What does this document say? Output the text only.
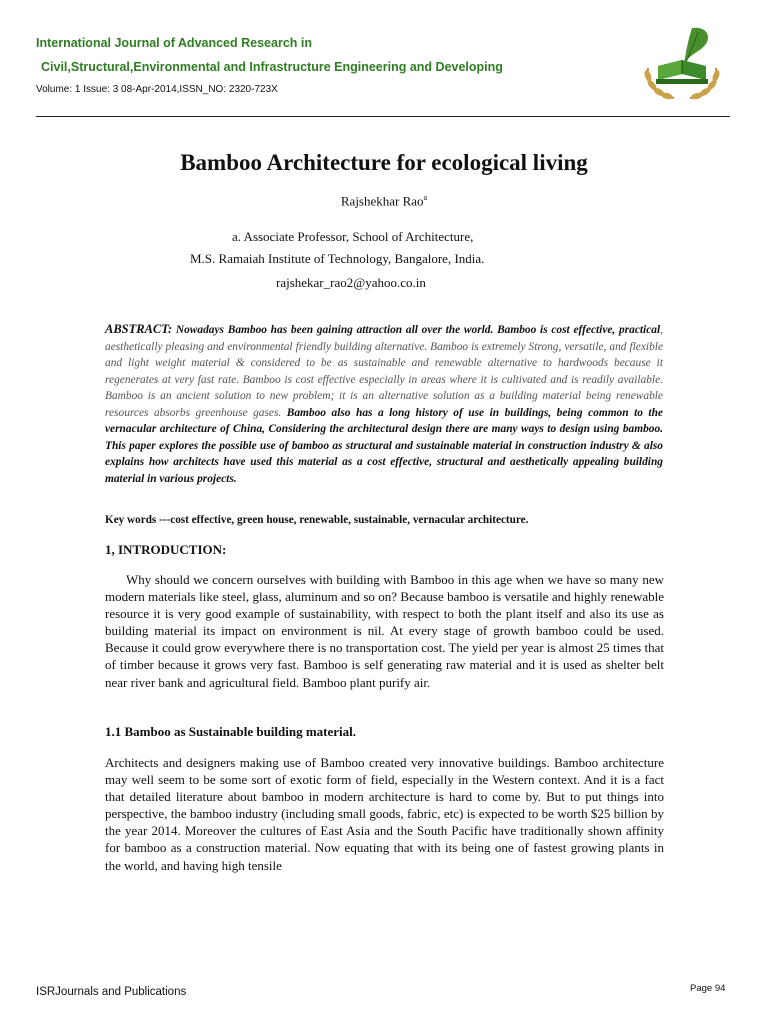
International Journal of Advanced Research in
Civil,Structural,Environmental and Infrastructure Engineering and Developing
Volume: 1 Issue: 3 08-Apr-2014,ISSN_NO: 2320-723X
Bamboo Architecture for ecological living
Rajshekhar Rao$^a$
a. Associate Professor, School of Architecture,
M.S. Ramaiah Institute of Technology, Bangalore, India.
rajshekar_rao2@yahoo.co.in
ABSTRACT: Nowadays Bamboo has been gaining attraction all over the world. Bamboo is cost effective, practical, aesthetically pleasing and environmental friendly building alternative. Bamboo is extremely Strong, versatile, and flexible and light weight material & considered to be as sustainable and renewable alternative to hardwoods because it regenerates at very fast rate. Bamboo is cost effective especially in areas where it is cultivated and is readily available. Bamboo is an ancient solution to new problem; it is an alternative solution as a building material being renewable resources absorbs greenhouse gases. Bamboo also has a long history of use in buildings, being common to the vernacular architecture of China, Considering the architectural design there are many ways to design using bamboo. This paper explores the possible use of bamboo as structural and sustainable material in construction industry & also explains how architects have used this material as a cost effective, structural and aesthetically appealing building material in various projects.
Key words ---cost effective, green house, renewable, sustainable, vernacular architecture.
1, INTRODUCTION:
Why should we concern ourselves with building with Bamboo in this age when we have so many new modern materials like steel, glass, aluminum and so on? Because bamboo is versatile and highly renewable resource it is very good example of sustainability, with respect to both the plant itself and also its use as building material its impact on environment is nil. At every stage of growth bamboo could be used. Because it could grow everywhere there is no transportation cost. The yield per year is almost 25 times that of timber because it grows very fast. Bamboo is self generating raw material and it is used as shelter belt near river bank and agricultural field. Bamboo plant purify air.
1.1 Bamboo as Sustainable building material.
Architects and designers making use of Bamboo created very innovative buildings. Bamboo architecture may well seem to be some sort of exotic form of field, especially in the Western context. And it is a fact that detailed literature about bamboo in modern architecture is hard to come by. But to put things into perspective, the bamboo industry (including small goods, fabric, etc) is expected to be worth $25 billion by the year 2014. Moreover the cultures of East Asia and the South Pacific have traditionally shown affinity for bamboo as a construction material. Now equating that with its being one of fastest growing plants in the world, and having high tensile
ISRJournals and Publications	Page 94
